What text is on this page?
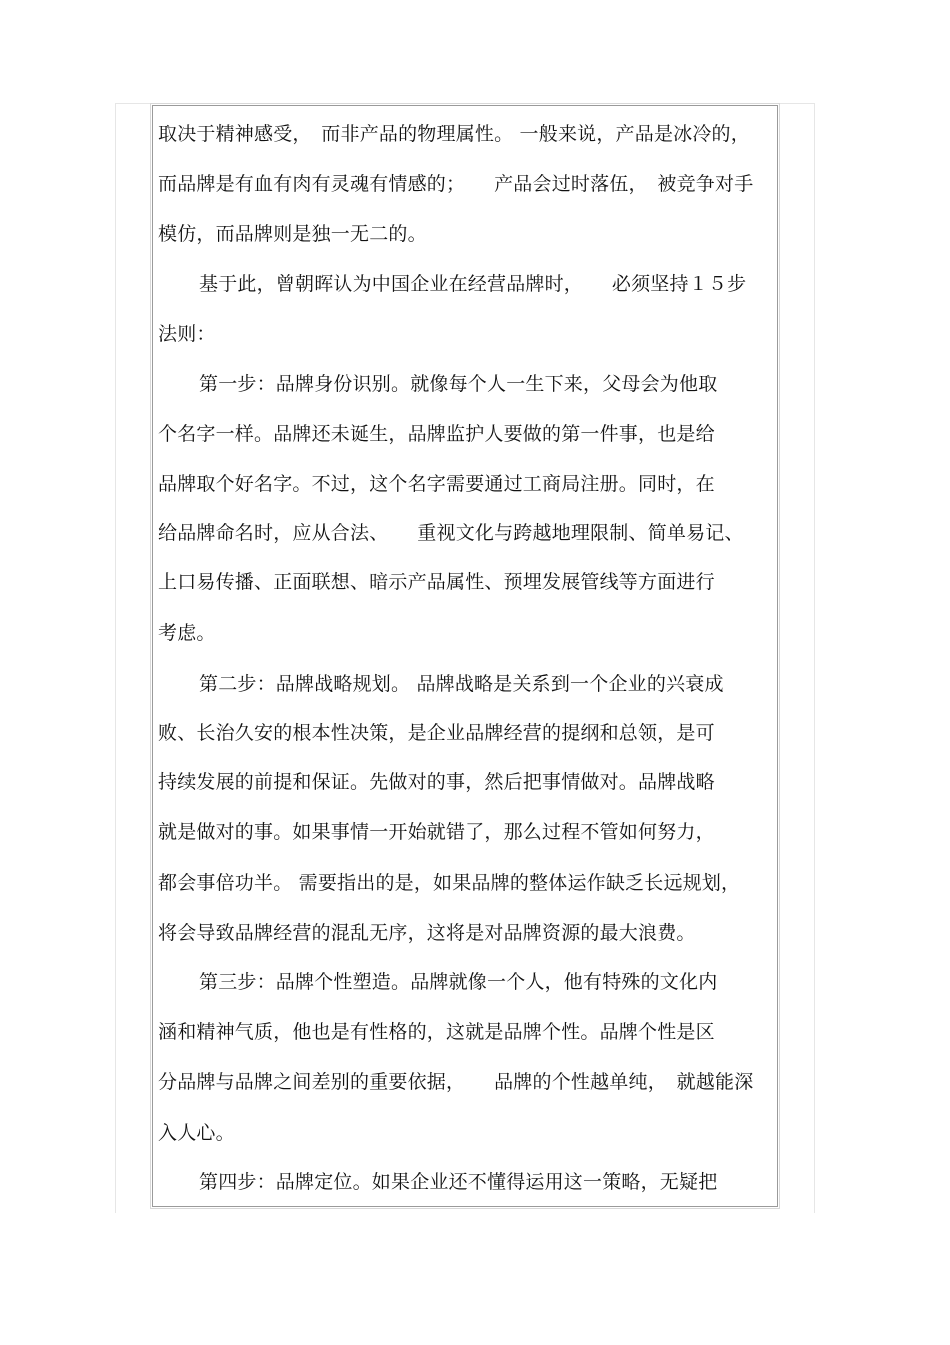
取决于精神感受，　而非产品的物理属性。 一般来说，产品是冰冷的，
而品牌是有血有肉有灵魂有情感的；　　产品会过时落伍，　被竞争对手
模仿，而品牌则是独一无二的。
基于此，曾朝晖认为中国企业在经营品牌时，　　必须坚持１５步
法则：
第一步：品牌身份识别。就像每个人一生下来，父母会为他取
个名字一样。品牌还未诞生，品牌监护人要做的第一件事，也是给
品牌取个好名字。不过，这个名字需要通过工商局注册。同时，在
给品牌命名时，应从合法、　　重视文化与跨越地理限制、简单易记、
上口易传播、正面联想、暗示产品属性、预埋发展管线等方面进行
考虑。
第二步：品牌战略规划。 品牌战略是关系到一个企业的兴衰成
败、长治久安的根本性决策，是企业品牌经营的提纲和总领，是可
持续发展的前提和保证。先做对的事，然后把事情做对。品牌战略
就是做对的事。如果事情一开始就错了，那么过程不管如何努力，
都会事倍功半。 需要指出的是，如果品牌的整体运作缺乏长远规划，
将会导致品牌经营的混乱无序，这将是对品牌资源的最大浪费。
第三步：品牌个性塑造。品牌就像一个人，他有特殊的文化内
涵和精神气质，他也是有性格的，这就是品牌个性。品牌个性是区
分品牌与品牌之间差别的重要依据，　　品牌的个性越单纯，　就越能深
入人心。
第四步：品牌定位。如果企业还不懂得运用这一策略，无疑把
